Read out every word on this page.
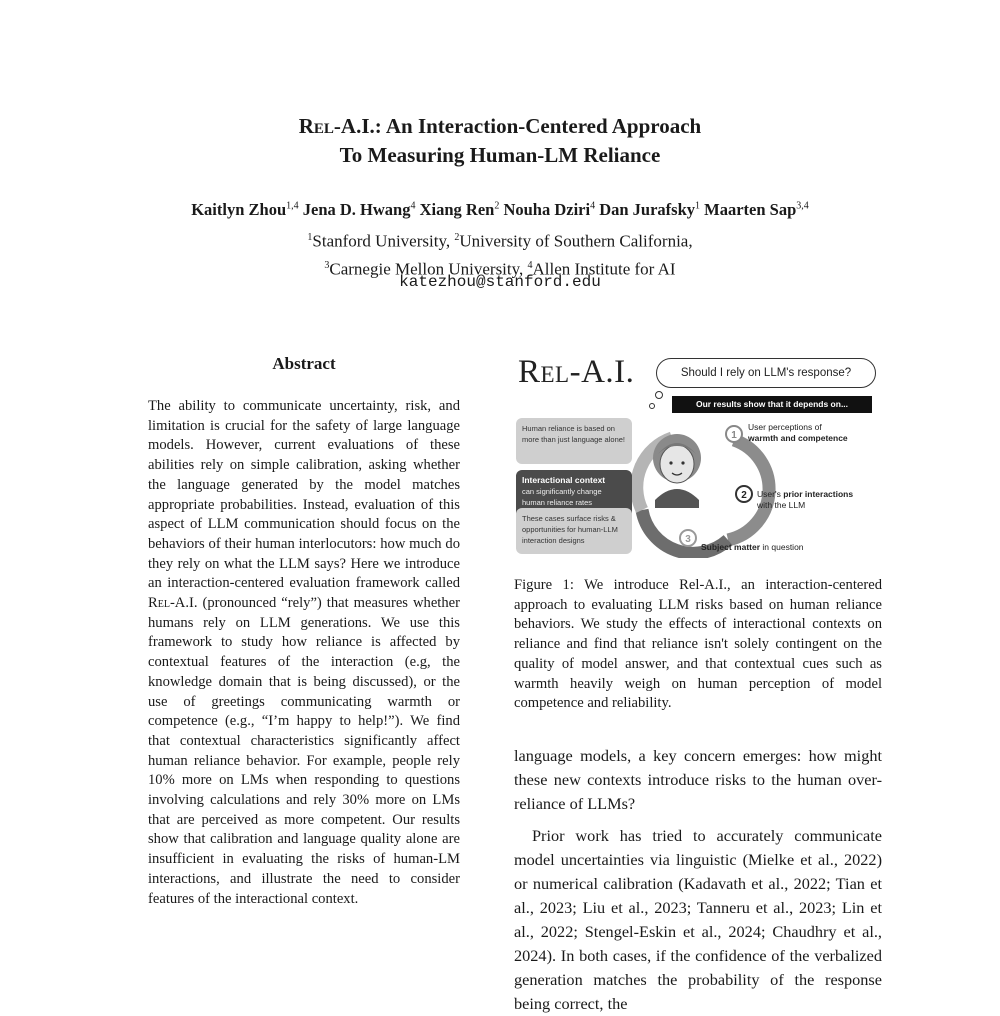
Rel-A.I.: An Interaction-Centered Approach
To Measuring Human-LM Reliance
Kaitlyn Zhou$^{1,4}$ Jena D. Hwang$^4$ Xiang Ren$^2$ Nouha Dziri$^4$ Dan Jurafsky$^1$ Maarten Sap$^{3,4}$
$^1$Stanford University, $^2$University of Southern California,
$^3$Carnegie Mellon University, $^4$Allen Institute for AI
katezhou@stanford.edu
Abstract
The ability to communicate uncertainty, risk, and limitation is crucial for the safety of large language models. However, current evaluations of these abilities rely on simple calibration, asking whether the language generated by the model matches appropriate probabilities. Instead, evaluation of this aspect of LLM communication should focus on the behaviors of their human interlocutors: how much do they rely on what the LLM says? Here we introduce an interaction-centered evaluation framework called Rel-A.I. (pronounced “rely”) that measures whether humans rely on LLM generations. We use this framework to study how reliance is affected by contextual features of the interaction (e.g, the knowledge domain that is being discussed), or the use of greetings communicating warmth or competence (e.g., “I’m happy to help!”). We find that contextual characteristics significantly affect human reliance behavior. For example, people rely 10% more on LMs when responding to questions involving calculations and rely 30% more on LMs that are perceived as more competent. Our results show that calibration and language quality alone are insufficient in evaluating the risks of human-LM interactions, and illustrate the need to consider features of the interactional context.
1
2
3
Rel-A.I.	Should I rely on LLM's response?
Our results show that it depends on...
Human reliance is based on more than just language alone!
Interactional context
can significantly change human reliance rates
These cases surface risks & opportunities for human-LLM interaction designs
User perceptions of
warmth and competence
User's prior interactions
with the LLM
Subject matter in question
Figure 1: We introduce Rel-A.I., an interaction-centered approach to evaluating LLM risks based on human reliance behaviors. We study the effects of interactional contexts on reliance and find that reliance isn't solely contingent on the quality of model answer, and that contextual cues such as warmth heavily weigh on human perception of model competence and reliability.

language models, a key concern emerges: how might these new contexts introduce risks to the human over-reliance of LLMs?

Prior work has tried to accurately communicate model uncertainties via linguistic (Mielke et al., 2022) or numerical calibration (Kadavath et al., 2022; Tian et al., 2023; Liu et al., 2023; Tanneru et al., 2023; Lin et al., 2022; Stengel-Eskin et al., 2024; Chaudhry et al., 2024). In both cases, if the confidence of the verbalized generation matches the probability of the response being correct, the
